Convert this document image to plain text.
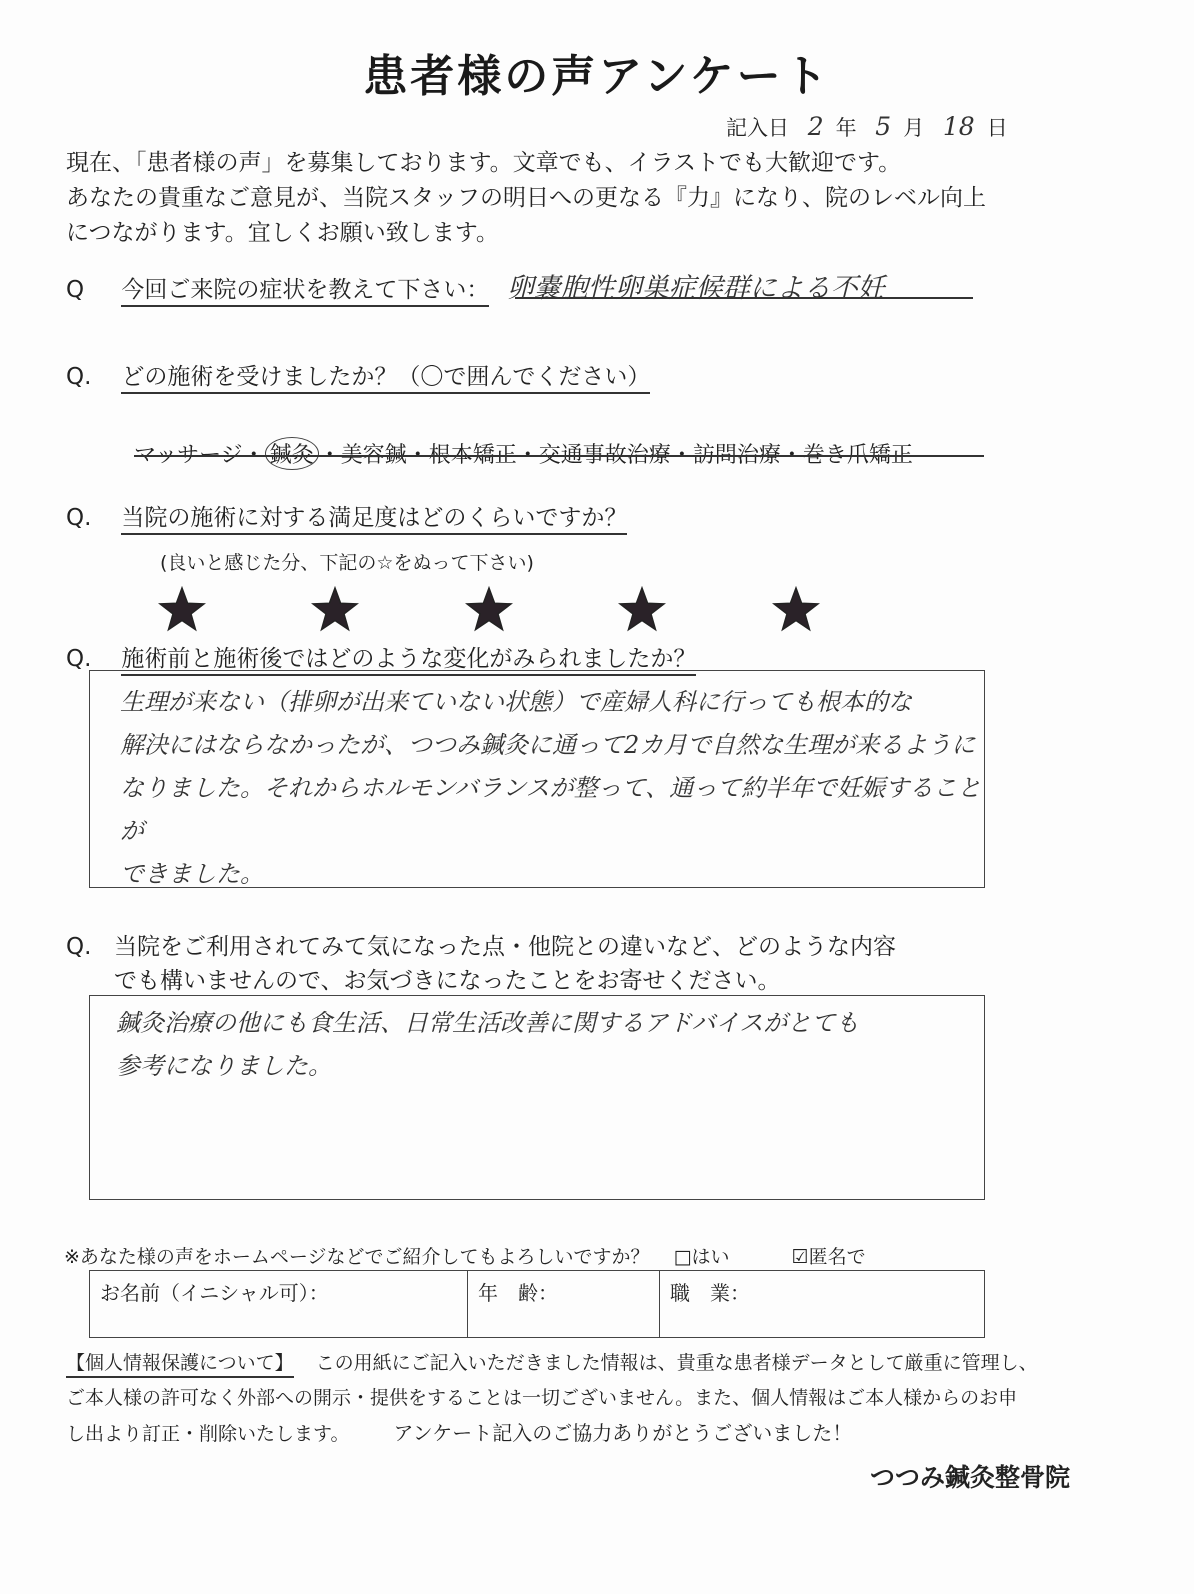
患者様の声アンケート
記入日 2 年 5 月 18 日
現在、「患者様の声」を募集しております。文章でも、イラストでも大歓迎です。
あなたの貴重なご意見が、当院スタッフの明日への更なる『力』になり、院のレベル向上
につながります。宜しくお願い致します。
Q 今回ご来院の症状を教えて下さい： 卵嚢胞性卵巣症候群による不妊
Q. どの施術を受けましたか？（〇で囲んでください）
マッサージ・ 鍼灸 ・美容鍼・根本矯正・交通事故治療・訪問治療・巻き爪矯正
Q. 当院の施術に対する満足度はどのくらいですか？
(良いと感じた分、下記の☆をぬって下さい)
Q. 施術前と施術後ではどのような変化がみられましたか？
生理が来ない（排卵が出来ていない状態）で産婦人科に行っても根本的な
解決にはならなかったが、つつみ鍼灸に通って2カ月で自然な生理が来るように
なりました。それからホルモンバランスが整って、通って約半年で妊娠することが
できました。
Q. 当院をご利用されてみて気になった点・他院との違いなど、どのような内容
でも構いませんので、お気づきになったことをお寄せください。
鍼灸治療の他にも食生活、日常生活改善に関するアドバイスがとても
参考になりました。
※あなた様の声をホームページなどでご紹介してもよろしいですか？ □はい	☑匿名で
お名前（イニシャル可）：	年　齢：	職　業：
【個人情報保護について】 この用紙にご記入いただきました情報は、貴重な患者様データとして厳重に管理し、
ご本人様の許可なく外部への開示・提供をすることは一切ございません。また、個人情報はご本人様からのお申
し出より訂正・削除いたします。 アンケート記入のご協力ありがとうございました！
つつみ鍼灸整骨院
